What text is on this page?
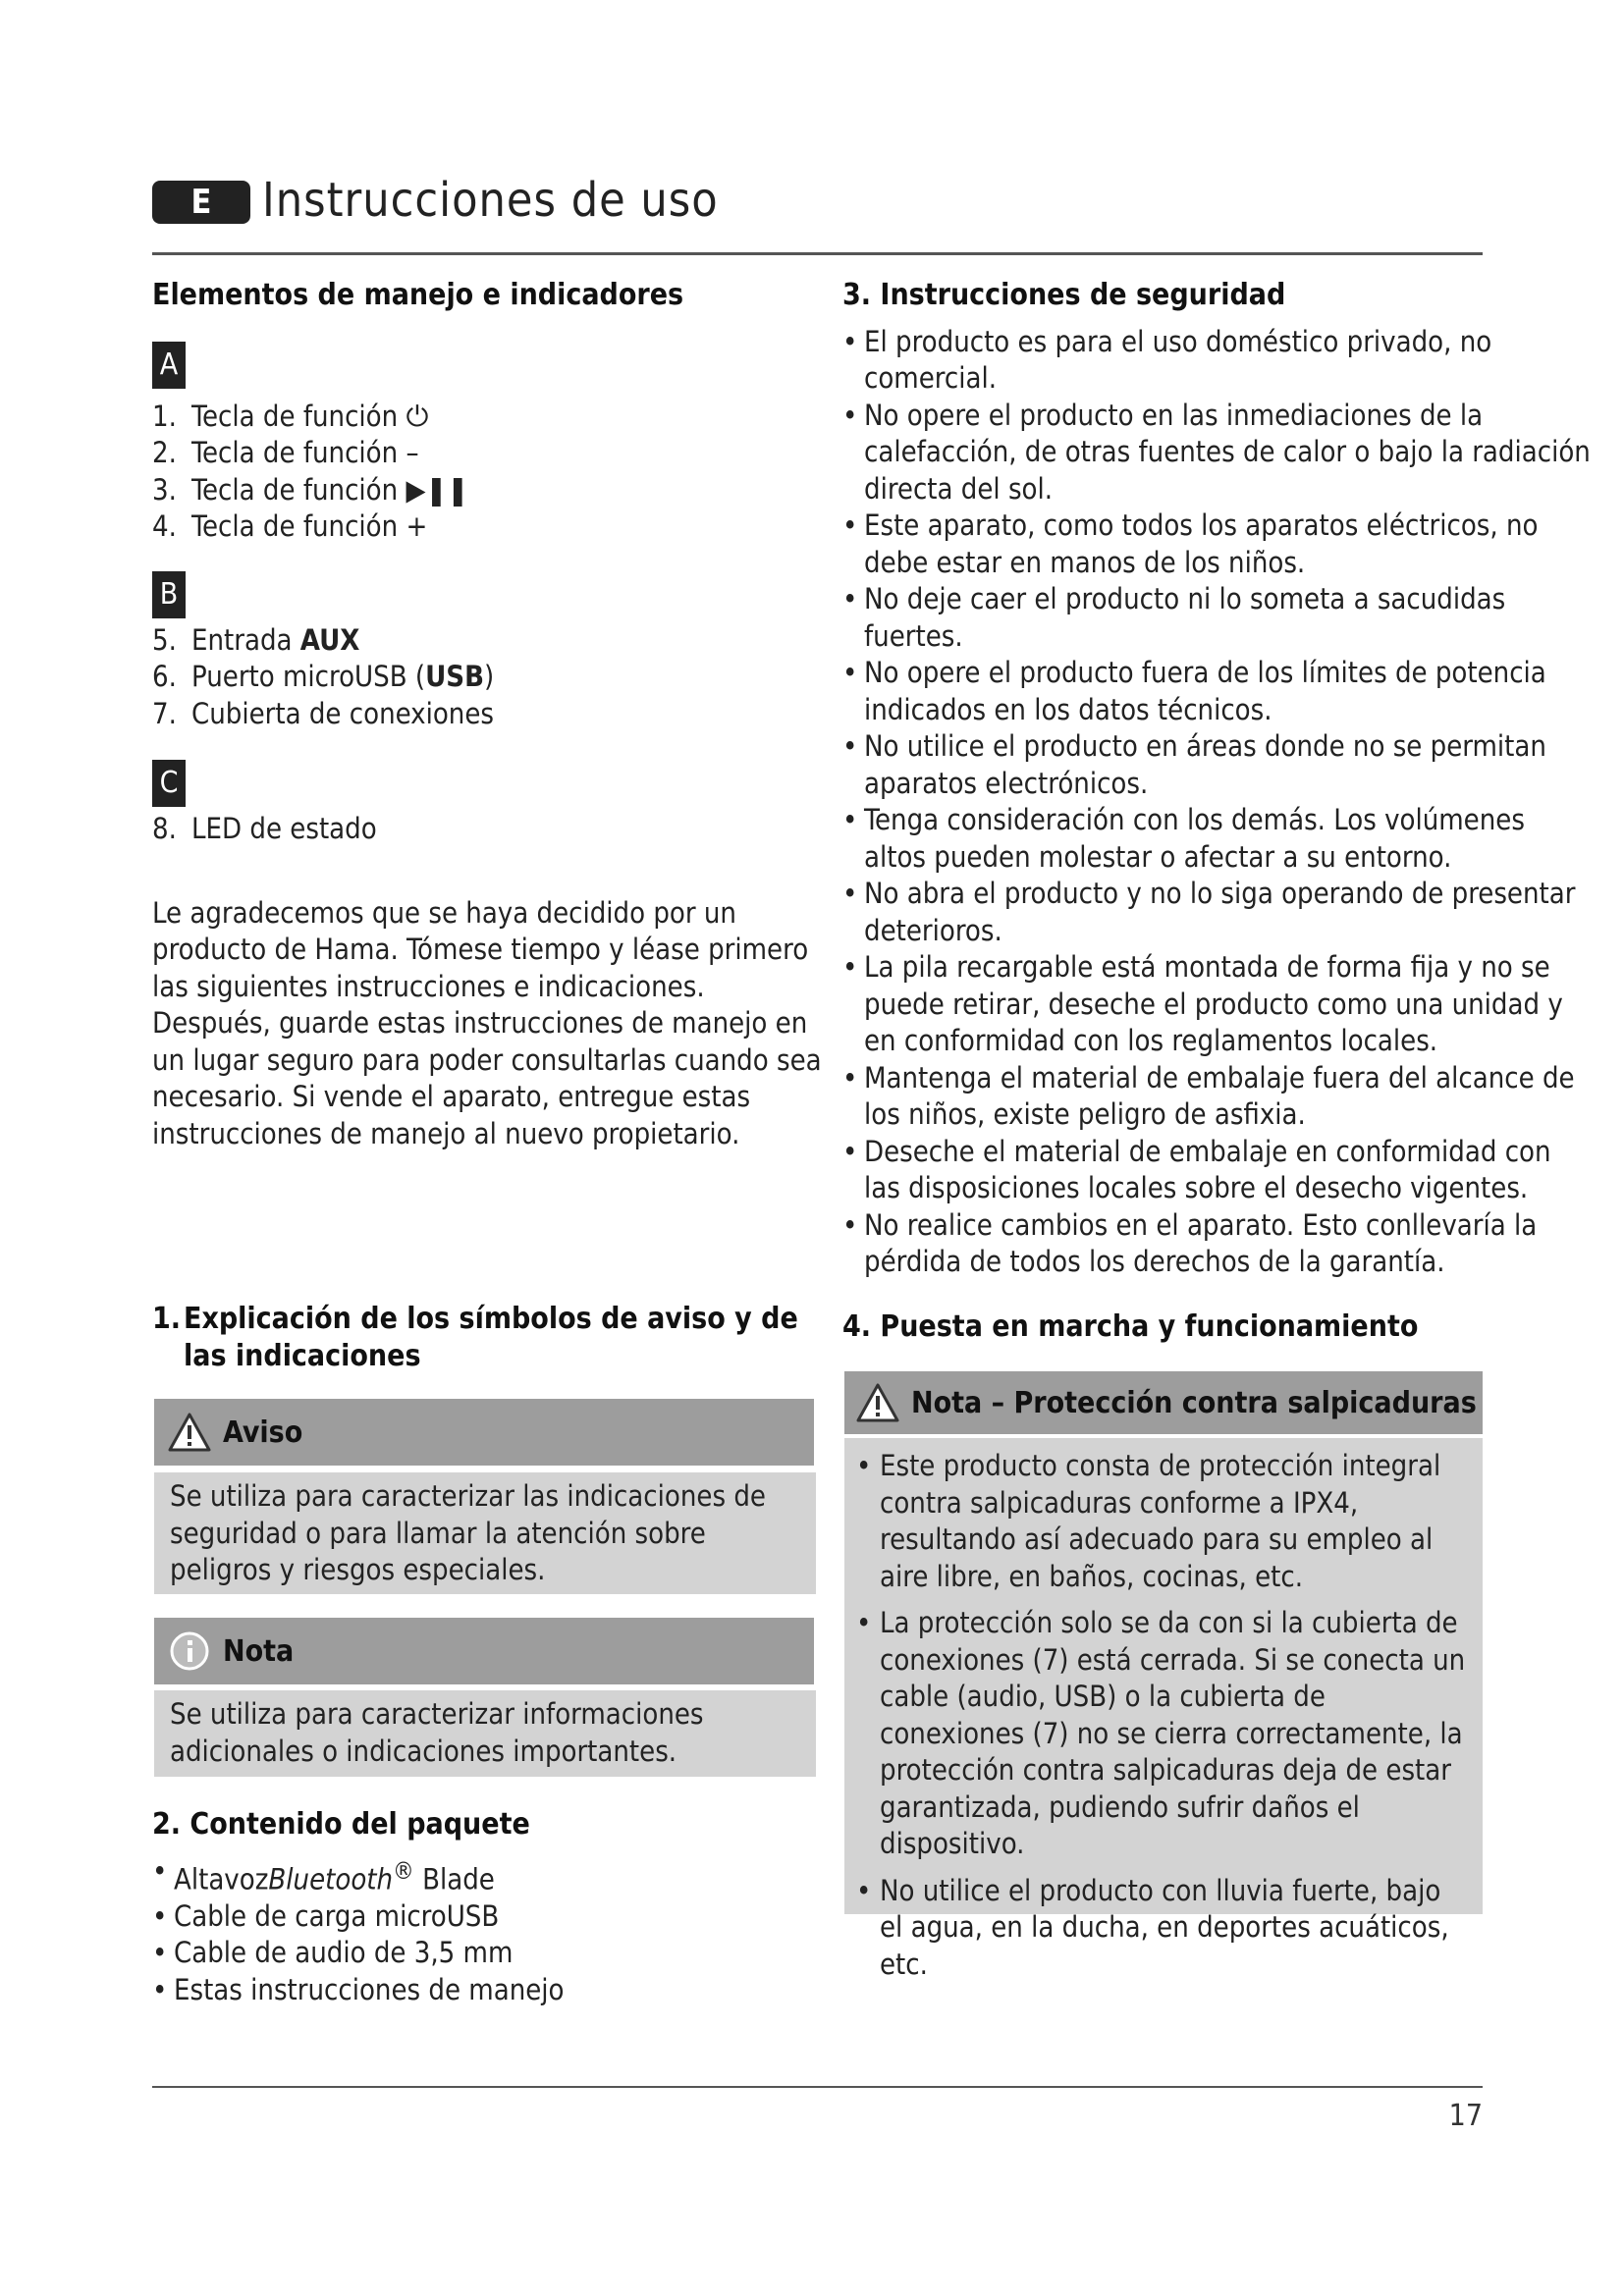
E	Instrucciones de uso
Elementos de manejo e indicadores
A
1. Tecla de función ⏻
2. Tecla de función –
3. Tecla de función ▶❚❚
4. Tecla de función +
B
5. Entrada AUX
6. Puerto microUSB (USB)
7. Cubierta de conexiones
C
8. LED de estado
Le agradecemos que se haya decidido por un producto de Hama. Tómese tiempo y léase primero las siguientes instrucciones e indicaciones. Después, guarde estas instrucciones de manejo en un lugar seguro para poder consultarlas cuando sea necesario. Si vende el aparato, entregue estas instrucciones de manejo al nuevo propietario.
1. Explicación de los símbolos de aviso y de las indicaciones
Aviso
Se utiliza para caracterizar las indicaciones de seguridad o para llamar la atención sobre peligros y riesgos especiales.
Nota
Se utiliza para caracterizar informaciones adicionales o indicaciones importantes.
2. Contenido del paquete
• AltavozBluetooth® Blade
• Cable de carga microUSB
• Cable de audio de 3,5 mm
• Estas instrucciones de manejo
3. Instrucciones de seguridad
• El producto es para el uso doméstico privado, no comercial.
• No opere el producto en las inmediaciones de la calefacción, de otras fuentes de calor o bajo la radiación directa del sol.
• Este aparato, como todos los aparatos eléctricos, no debe estar en manos de los niños.
• No deje caer el producto ni lo someta a sacudidas fuertes.
• No opere el producto fuera de los límites de potencia indicados en los datos técnicos.
• No utilice el producto en áreas donde no se permitan aparatos electrónicos.
• Tenga consideración con los demás. Los volúmenes altos pueden molestar o afectar a su entorno.
• No abra el producto y no lo siga operando de presentar deterioros.
• La pila recargable está montada de forma fija y no se puede retirar, deseche el producto como una unidad y en conformidad con los reglamentos locales.
• Mantenga el material de embalaje fuera del alcance de los niños, existe peligro de asfixia.
• Deseche el material de embalaje en conformidad con las disposiciones locales sobre el desecho vigentes.
• No realice cambios en el aparato. Esto conllevaría la pérdida de todos los derechos de la garantía.
4. Puesta en marcha y funcionamiento
Nota – Protección contra salpicaduras
• Este producto consta de protección integral contra salpicaduras conforme a IPX4, resultando así adecuado para su empleo al aire libre, en baños, cocinas, etc.
• La protección solo se da con si la cubierta de conexiones (7) está cerrada. Si se conecta un cable (audio, USB) o la cubierta de conexiones (7) no se cierra correctamente, la protección contra salpicaduras deja de estar garantizada, pudiendo sufrir daños el dispositivo.
• No utilice el producto con lluvia fuerte, bajo el agua, en la ducha, en deportes acuáticos, etc.
17
